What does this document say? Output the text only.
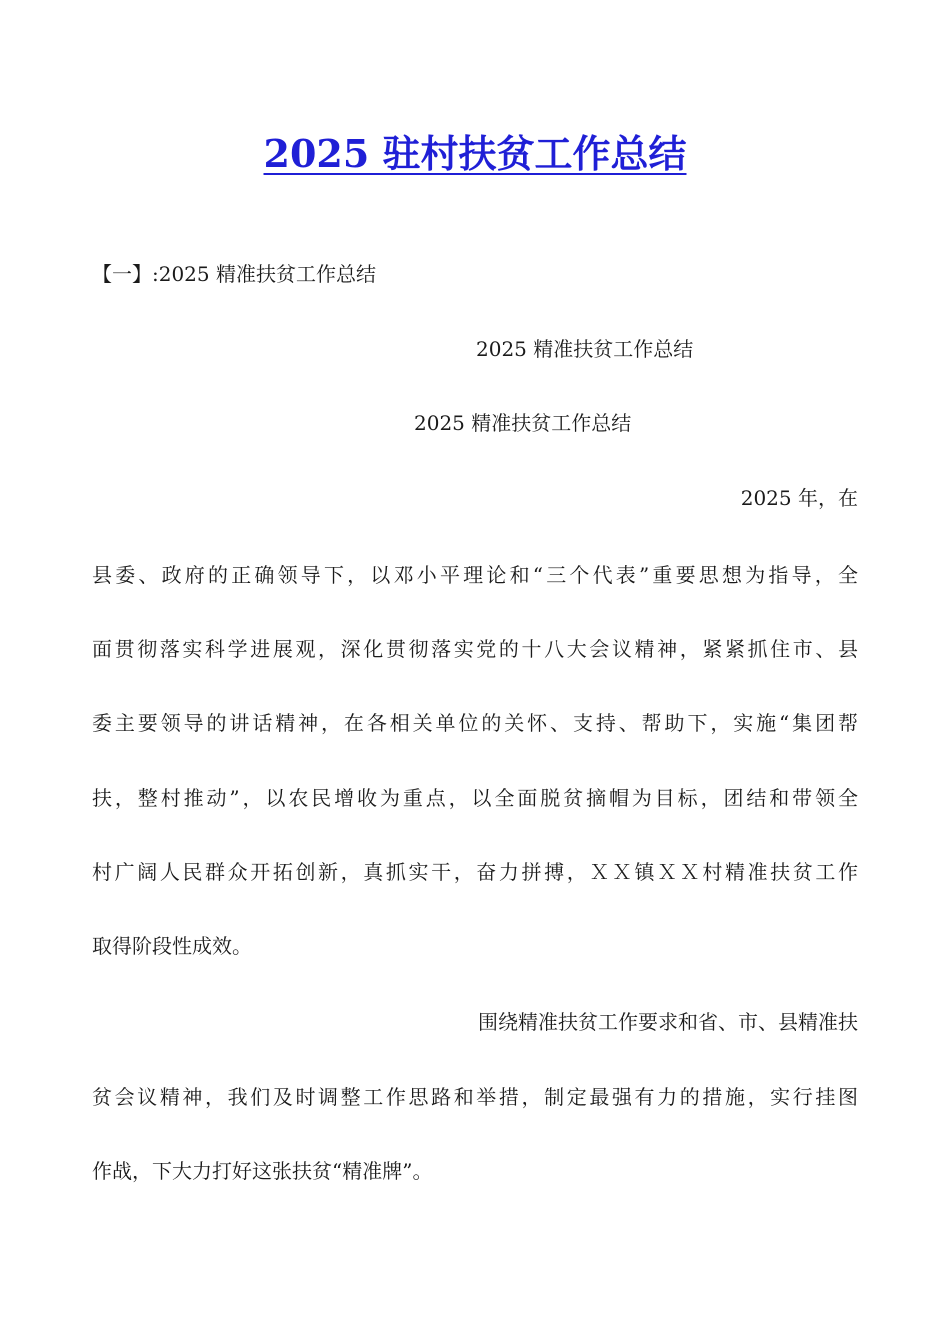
2025 驻村扶贫工作总结
【一】:2025 精准扶贫工作总结
2025 精准扶贫工作总结
2025 精准扶贫工作总结
2025 年，在
县委、政府的正确领导下，以邓小平理论和“三个代表”重要思想为指导，全
面贯彻落实科学进展观，深化贯彻落实党的十八大会议精神，紧紧抓住市、县
委主要领导的讲话精神，在各相关单位的关怀、支持、帮助下，实施“集团帮
扶，整村推动”，以农民增收为重点，以全面脱贫摘帽为目标，团结和带领全
村广阔人民群众开拓创新，真抓实干，奋力拼搏，ＸＸ镇ＸＸ村精准扶贫工作
取得阶段性成效。
围绕精准扶贫工作要求和省、市、县精准扶
贫会议精神，我们及时调整工作思路和举措，制定最强有力的措施，实行挂图
作战，下大力打好这张扶贫“精准牌”。
